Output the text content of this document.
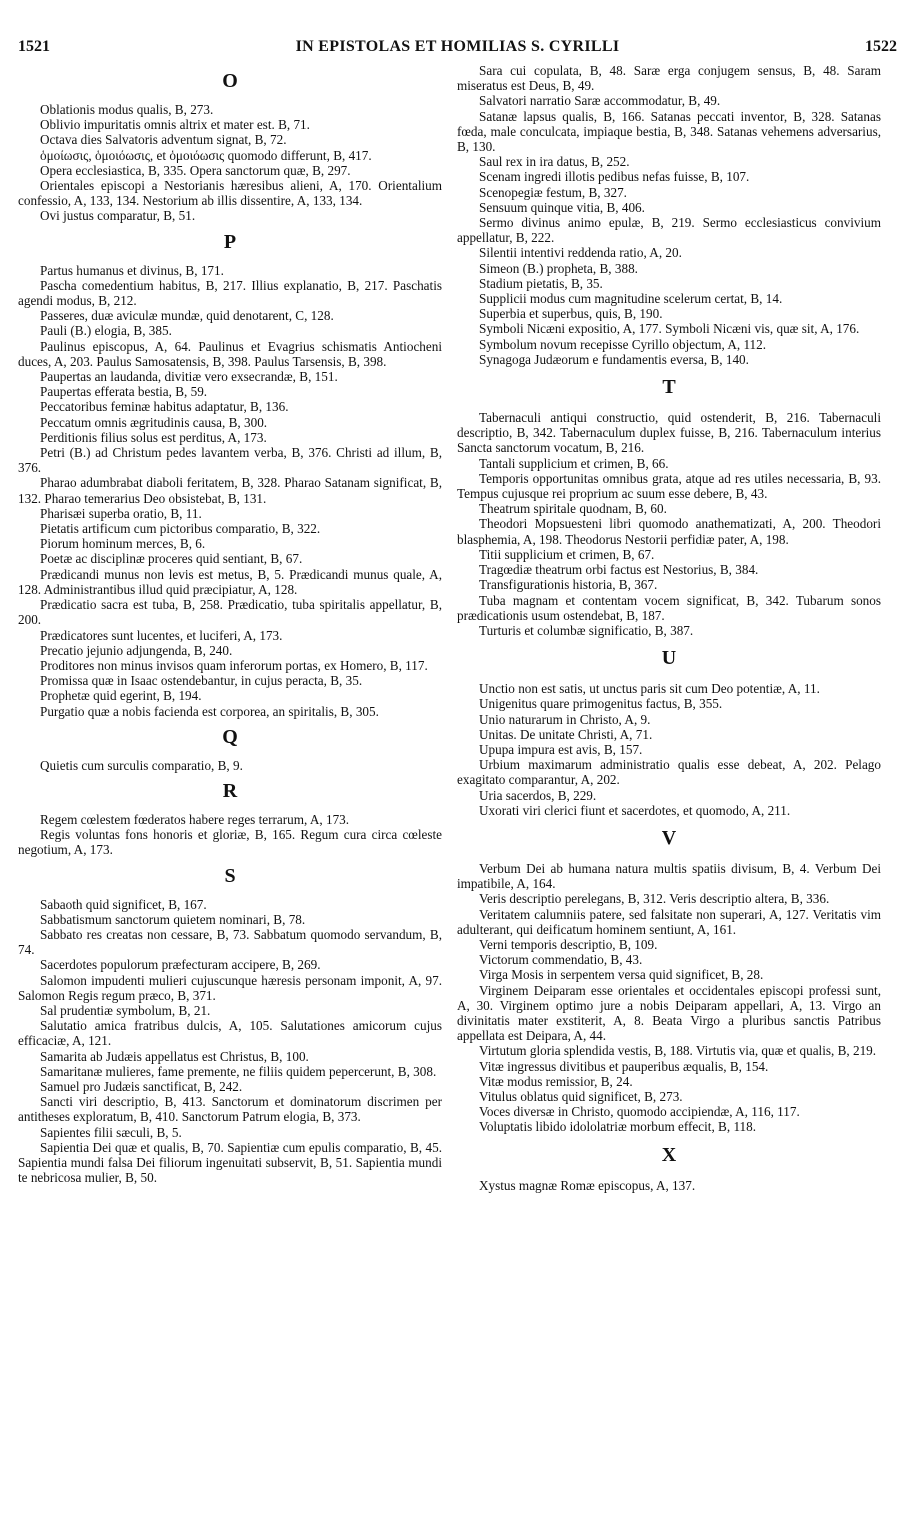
1521	IN EPISTOLAS ET HOMILIAS S. CYRILLI	1522
O

Oblationis modus qualis, B, 273.

Oblivio impuritatis omnis altrix et mater est. B, 71.

Octava dies Salvatoris adventum signat, B, 72.

ὁμοίωσις, ὁμοιόωσις, et ὁμοιόωσις quomodo differunt, B, 417.

Opera ecclesiastica, B, 335. Opera sanctorum quæ, B, 297.

Orientales episcopi a Nestorianis hæresibus alieni, A, 170. Orientalium confessio, A, 133, 134. Nestorium ab illis dissentire, A, 133, 134.

Ovi justus comparatur, B, 51.

P

Partus humanus et divinus, B, 171.

Pascha comedentium habitus, B, 217. Illius explanatio, B, 217. Paschatis agendi modus, B, 212.

Passeres, duæ aviculæ mundæ, quid denotarent, C, 128.

Pauli (B.) elogia, B, 385.

Paulinus episcopus, A, 64. Paulinus et Evagrius schismatis Antiocheni duces, A, 203. Paulus Samosatensis, B, 398. Paulus Tarsensis, B, 398.

Paupertas an laudanda, divitiæ vero exsecrandæ, B, 151.

Paupertas efferata bestia, B, 59.

Peccatoribus feminæ habitus adaptatur, B, 136.

Peccatum omnis ægritudinis causa, B, 300.

Perditionis filius solus est perditus, A, 173.

Petri (B.) ad Christum pedes lavantem verba, B, 376. Christi ad illum, B, 376.

Pharao adumbrabat diaboli feritatem, B, 328. Pharao Satanam significat, B, 132. Pharao temerarius Deo obsistebat, B, 131.

Pharisæi superba oratio, B, 11.

Pietatis artificum cum pictoribus comparatio, B, 322.

Piorum hominum merces, B, 6.

Poetæ ac disciplinæ proceres quid sentiant, B, 67.

Prædicandi munus non levis est metus, B, 5. Prædicandi munus quale, A, 128. Administrantibus illud quid præcipiatur, A, 128.

Prædicatio sacra est tuba, B, 258. Prædicatio, tuba spiritalis appellatur, B, 200.

Prædicatores sunt lucentes, et luciferi, A, 173.

Precatio jejunio adjungenda, B, 240.

Proditores non minus invisos quam inferorum portas, ex Homero, B, 117.

Promissa quæ in Isaac ostendebantur, in cujus peracta, B, 35.

Prophetæ quid egerint, B, 194.

Purgatio quæ a nobis facienda est corporea, an spiritalis, B, 305.

Q

Quietis cum surculis comparatio, B, 9.

R

Regem cœlestem fœderatos habere reges terrarum, A, 173.

Regis voluntas fons honoris et gloriæ, B, 165. Regum cura circa cœleste negotium, A, 173.

S

Sabaoth quid significet, B, 167.

Sabbatismum sanctorum quietem nominari, B, 78.

Sabbato res creatas non cessare, B, 73. Sabbatum quomodo servandum, B, 74.

Sacerdotes populorum præfecturam accipere, B, 269.

Salomon impudenti mulieri cujuscunque hæresis personam imponit, A, 97. Salomon Regis regum præco, B, 371.

Sal prudentiæ symbolum, B, 21.

Salutatio amica fratribus dulcis, A, 105. Salutationes amicorum cujus efficaciæ, A, 121.

Samarita ab Judæis appellatus est Christus, B, 100.

Samaritanæ mulieres, fame premente, ne filiis quidem pepercerunt, B, 308.

Samuel pro Judæis sanctificat, B, 242.

Sancti viri descriptio, B, 413. Sanctorum et dominatorum discrimen per antitheses exploratum, B, 410. Sanctorum Patrum elogia, B, 373.

Sapientes filii sæculi, B, 5.

Sapientia Dei quæ et qualis, B, 70. Sapientiæ cum epulis comparatio, B, 45. Sapientia mundi falsa Dei filiorum ingenuitati subservit, B, 51. Sapientia mundi te nebricosa mulier, B, 50.

Sara cui copulata, B, 48. Saræ erga conjugem sensus, B, 48. Saram miseratus est Deus, B, 49.

Salvatori narratio Saræ accommodatur, B, 49.

Satanæ lapsus qualis, B, 166. Satanas peccati inventor, B, 328. Satanas fœda, male conculcata, impiaque bestia, B, 348. Satanas vehemens adversarius, B, 130.

Saul rex in ira datus, B, 252.

Scenam ingredi illotis pedibus nefas fuisse, B, 107.

Scenopegiæ festum, B, 327.

Sensuum quinque vitia, B, 406.

Sermo divinus animo epulæ, B, 219. Sermo ecclesiasticus convivium appellatur, B, 222.

Silentii intentivi reddenda ratio, A, 20.

Simeon (B.) propheta, B, 388.

Stadium pietatis, B, 35.

Supplicii modus cum magnitudine scelerum certat, B, 14.

Superbia et superbus, quis, B, 190.

Symboli Nicæni expositio, A, 177. Symboli Nicæni vis, quæ sit, A, 176.

Symbolum novum recepisse Cyrillo objectum, A, 112.

Synagoga Judæorum e fundamentis eversa, B, 140.

T

Tabernaculi antiqui constructio, quid ostenderit, B, 216. Tabernaculi descriptio, B, 342. Tabernaculum duplex fuisse, B, 216. Tabernaculum interius Sancta sanctorum vocatum, B, 216.

Tantali supplicium et crimen, B, 66.

Temporis opportunitas omnibus grata, atque ad res utiles necessaria, B, 93. Tempus cujusque rei proprium ac suum esse debere, B, 43.

Theatrum spiritale quodnam, B, 60.

Theodori Mopsuesteni libri quomodo anathematizati, A, 200. Theodori blasphemia, A, 198. Theodorus Nestorii perfidiæ pater, A, 198.

Titii supplicium et crimen, B, 67.

Tragœdiæ theatrum orbi factus est Nestorius, B, 384.

Transfigurationis historia, B, 367.

Tuba magnam et contentam vocem significat, B, 342. Tubarum sonos prædicationis usum ostendebat, B, 187.

Turturis et columbæ significatio, B, 387.

U

Unctio non est satis, ut unctus paris sit cum Deo potentiæ, A, 11.

Unigenitus quare primogenitus factus, B, 355.

Unio naturarum in Christo, A, 9.

Unitas. De unitate Christi, A, 71.

Upupa impura est avis, B, 157.

Urbium maximarum administratio qualis esse debeat, A, 202. Pelago exagitato comparantur, A, 202.

Uria sacerdos, B, 229.

Uxorati viri clerici fiunt et sacerdotes, et quomodo, A, 211.

V

Verbum Dei ab humana natura multis spatiis divisum, B, 4. Verbum Dei impatibile, A, 164.

Veris descriptio perelegans, B, 312. Veris descriptio altera, B, 336.

Veritatem calumniis patere, sed falsitate non superari, A, 127. Veritatis vim adulterant, qui deificatum hominem sentiunt, A, 161.

Verni temporis descriptio, B, 109.

Victorum commendatio, B, 43.

Virga Mosis in serpentem versa quid significet, B, 28.

Virginem Deiparam esse orientales et occidentales episcopi professi sunt, A, 30. Virginem optimo jure a nobis Deiparam appellari, A, 13. Virgo an divinitatis mater exstiterit, A, 8. Beata Virgo a pluribus sanctis Patribus appellata est Deipara, A, 44.

Virtutum gloria splendida vestis, B, 188. Virtutis via, quæ et qualis, B, 219.

Vitæ ingressus divitibus et pauperibus æqualis, B, 154.

Vitæ modus remissior, B, 24.

Vitulus oblatus quid significet, B, 273.

Voces diversæ in Christo, quomodo accipiendæ, A, 116, 117.

Voluptatis libido idololatriæ morbum effecit, B, 118.

X

Xystus magnæ Romæ episcopus, A, 137.
